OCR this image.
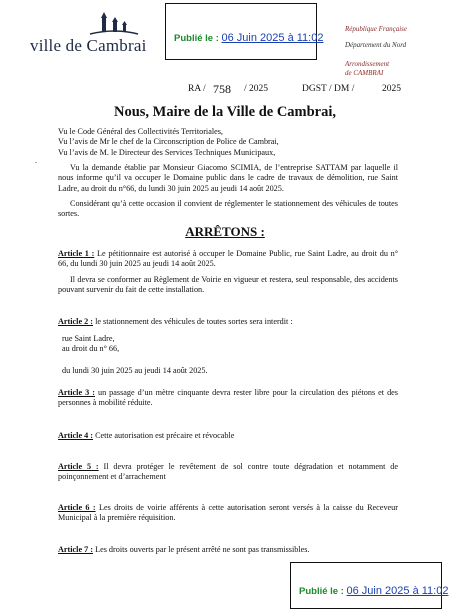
ville de Cambrai	Publié le : 06 Juin 2025 à 11:02
République Française
Département du Nord
Arrondissement
de CAMBRAI
RA / 758 / 2025	DGST / DM /	2025
Nous, Maire de la Ville de Cambrai,
Vu le Code Général des Collectivités Territoriales,
Vu l’avis de Mr le chef de la Circonscription de Police de Cambrai,
Vu l’avis de M. le Directeur des Services Techniques Municipaux,
.
Vu la demande établie par Monsieur Giacomo SCIMIA, de l’entreprise SATTAM par laquelle il nous informe qu’il va occuper le Domaine public dans le cadre de travaux de démolition, rue Saint Ladre, au droit du n°66, du lundi 30 juin 2025 au jeudi 14 août 2025.
Considérant qu’à cette occasion il convient de réglementer le stationnement des véhicules de toutes sortes.
ARRÊTONS :
Article 1 : Le pétitionnaire est autorisé à occuper le Domaine Public, rue Saint Ladre, au droit du n° 66, du lundi 30 juin 2025 au jeudi 14 août 2025.
Il devra se conformer au Règlement de Voirie en vigueur et restera, seul responsable, des accidents pouvant survenir du fait de cette installation.
Article 2 : le stationnement des véhicules de toutes sortes sera interdit :
rue Saint Ladre,
au droit du n° 66,
du lundi 30 juin 2025 au jeudi 14 août 2025.
Article 3 : un passage d’un mètre cinquante devra rester libre pour la circulation des piétons et des personnes à mobilité réduite.
Article 4 : Cette autorisation est précaire et révocable
Article 5 : Il devra protéger le revêtement de sol contre toute dégradation et notamment de poinçonnement et d’arrachement
Article 6 : Les droits de voirie afférents à cette autorisation seront versés à la caisse du Receveur Municipal à la première réquisition.
Article 7 : Les droits ouverts par le présent arrêté ne sont pas transmissibles.
Publié le : 06 Juin 2025 à 11:02
